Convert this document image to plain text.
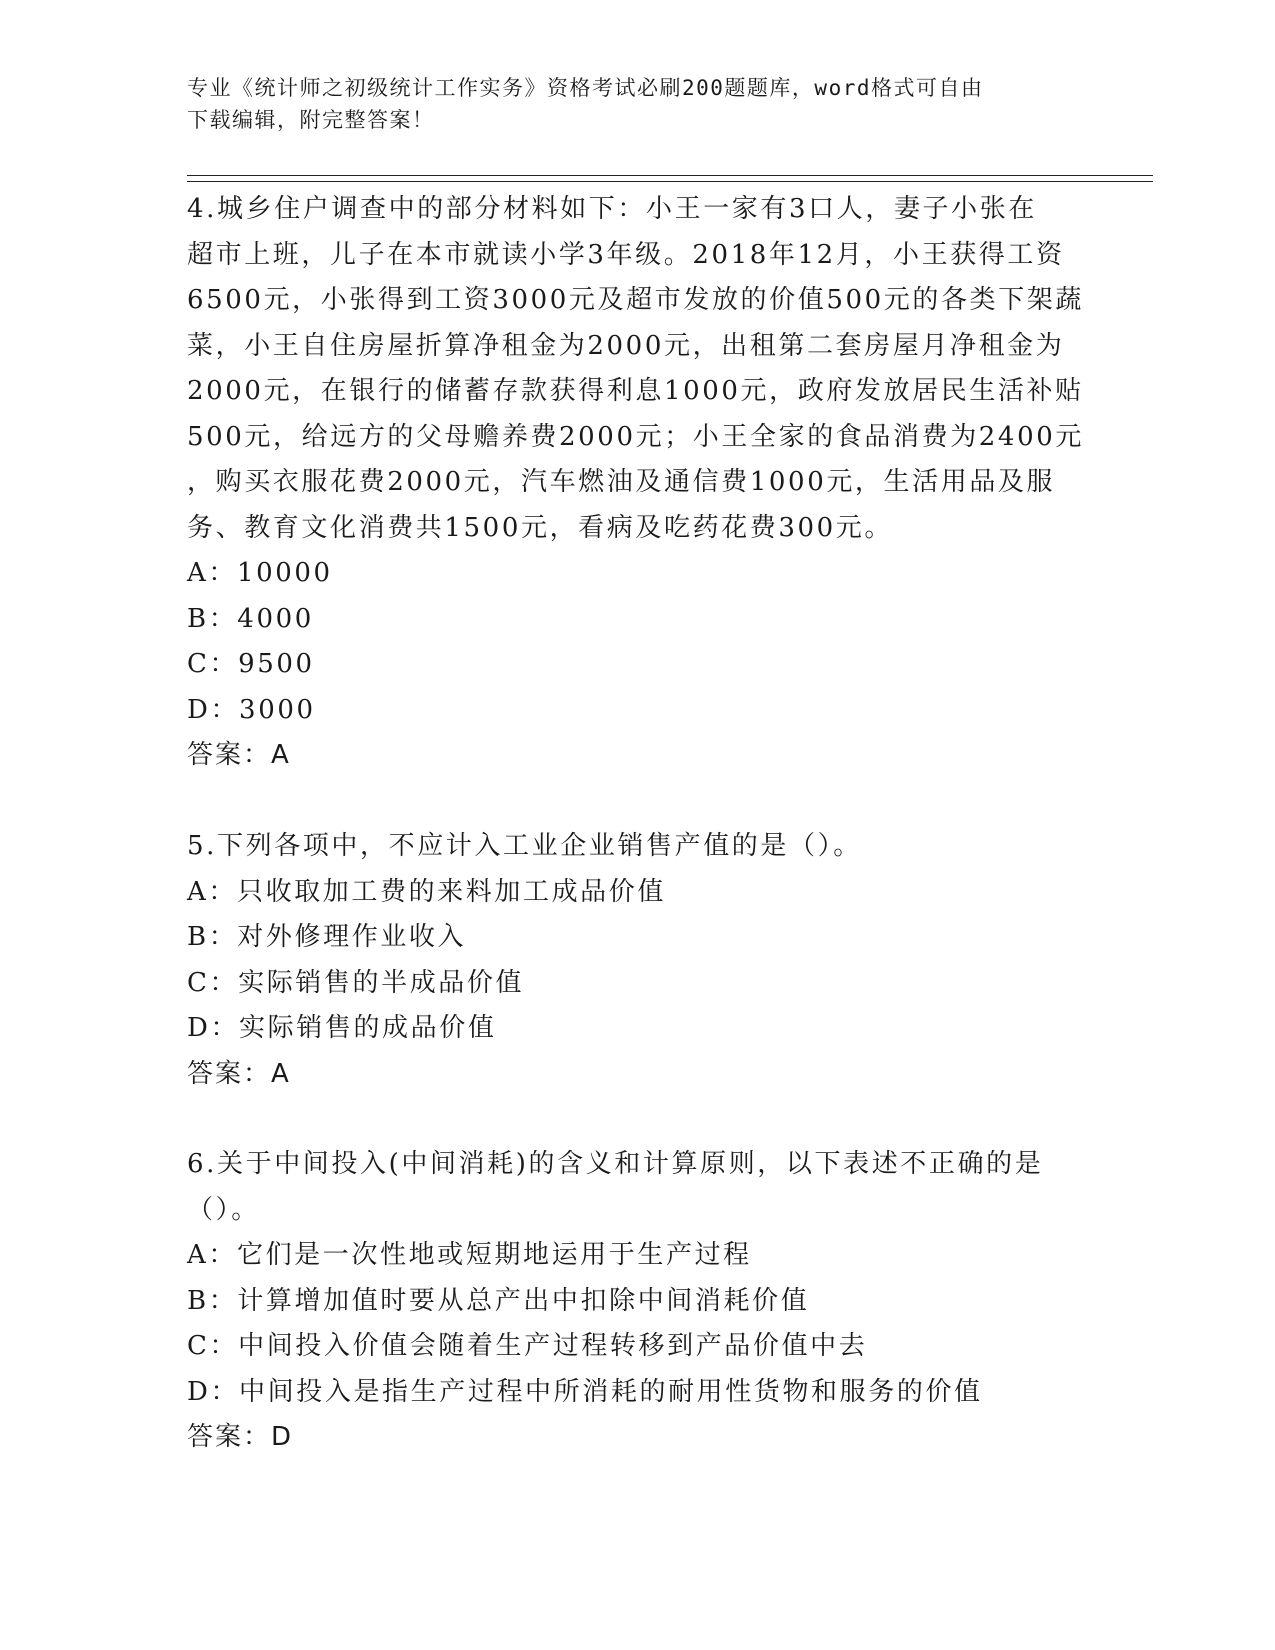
专业《统计师之初级统计工作实务》资格考试必刷200题题库，word格式可自由
下载编辑，附完整答案！

4.城乡住户调查中的部分材料如下：小王一家有3口人，妻子小张在

超市上班，儿子在本市就读小学3年级。2018年12月，小王获得工资

6500元，小张得到工资3000元及超市发放的价值500元的各类下架蔬

菜，小王自住房屋折算净租金为2000元，出租第二套房屋月净租金为

2000元，在银行的储蓄存款获得利息1000元，政府发放居民生活补贴

500元，给远方的父母赡养费2000元；小王全家的食品消费为2400元

，购买衣服花费2000元，汽车燃油及通信费1000元，生活用品及服

务、教育文化消费共1500元，看病及吃药花费300元。

A：10000

B：4000

C：9500

D：3000

答案：A

5.下列各项中，不应计入工业企业销售产值的是（）。

A：只收取加工费的来料加工成品价值

B：对外修理作业收入

C：实际销售的半成品价值

D：实际销售的成品价值

答案：A

6.关于中间投入(中间消耗)的含义和计算原则，以下表述不正确的是

（）。

A：它们是一次性地或短期地运用于生产过程

B：计算增加值时要从总产出中扣除中间消耗价值

C：中间投入价值会随着生产过程转移到产品价值中去

D：中间投入是指生产过程中所消耗的耐用性货物和服务的价值

答案：D
